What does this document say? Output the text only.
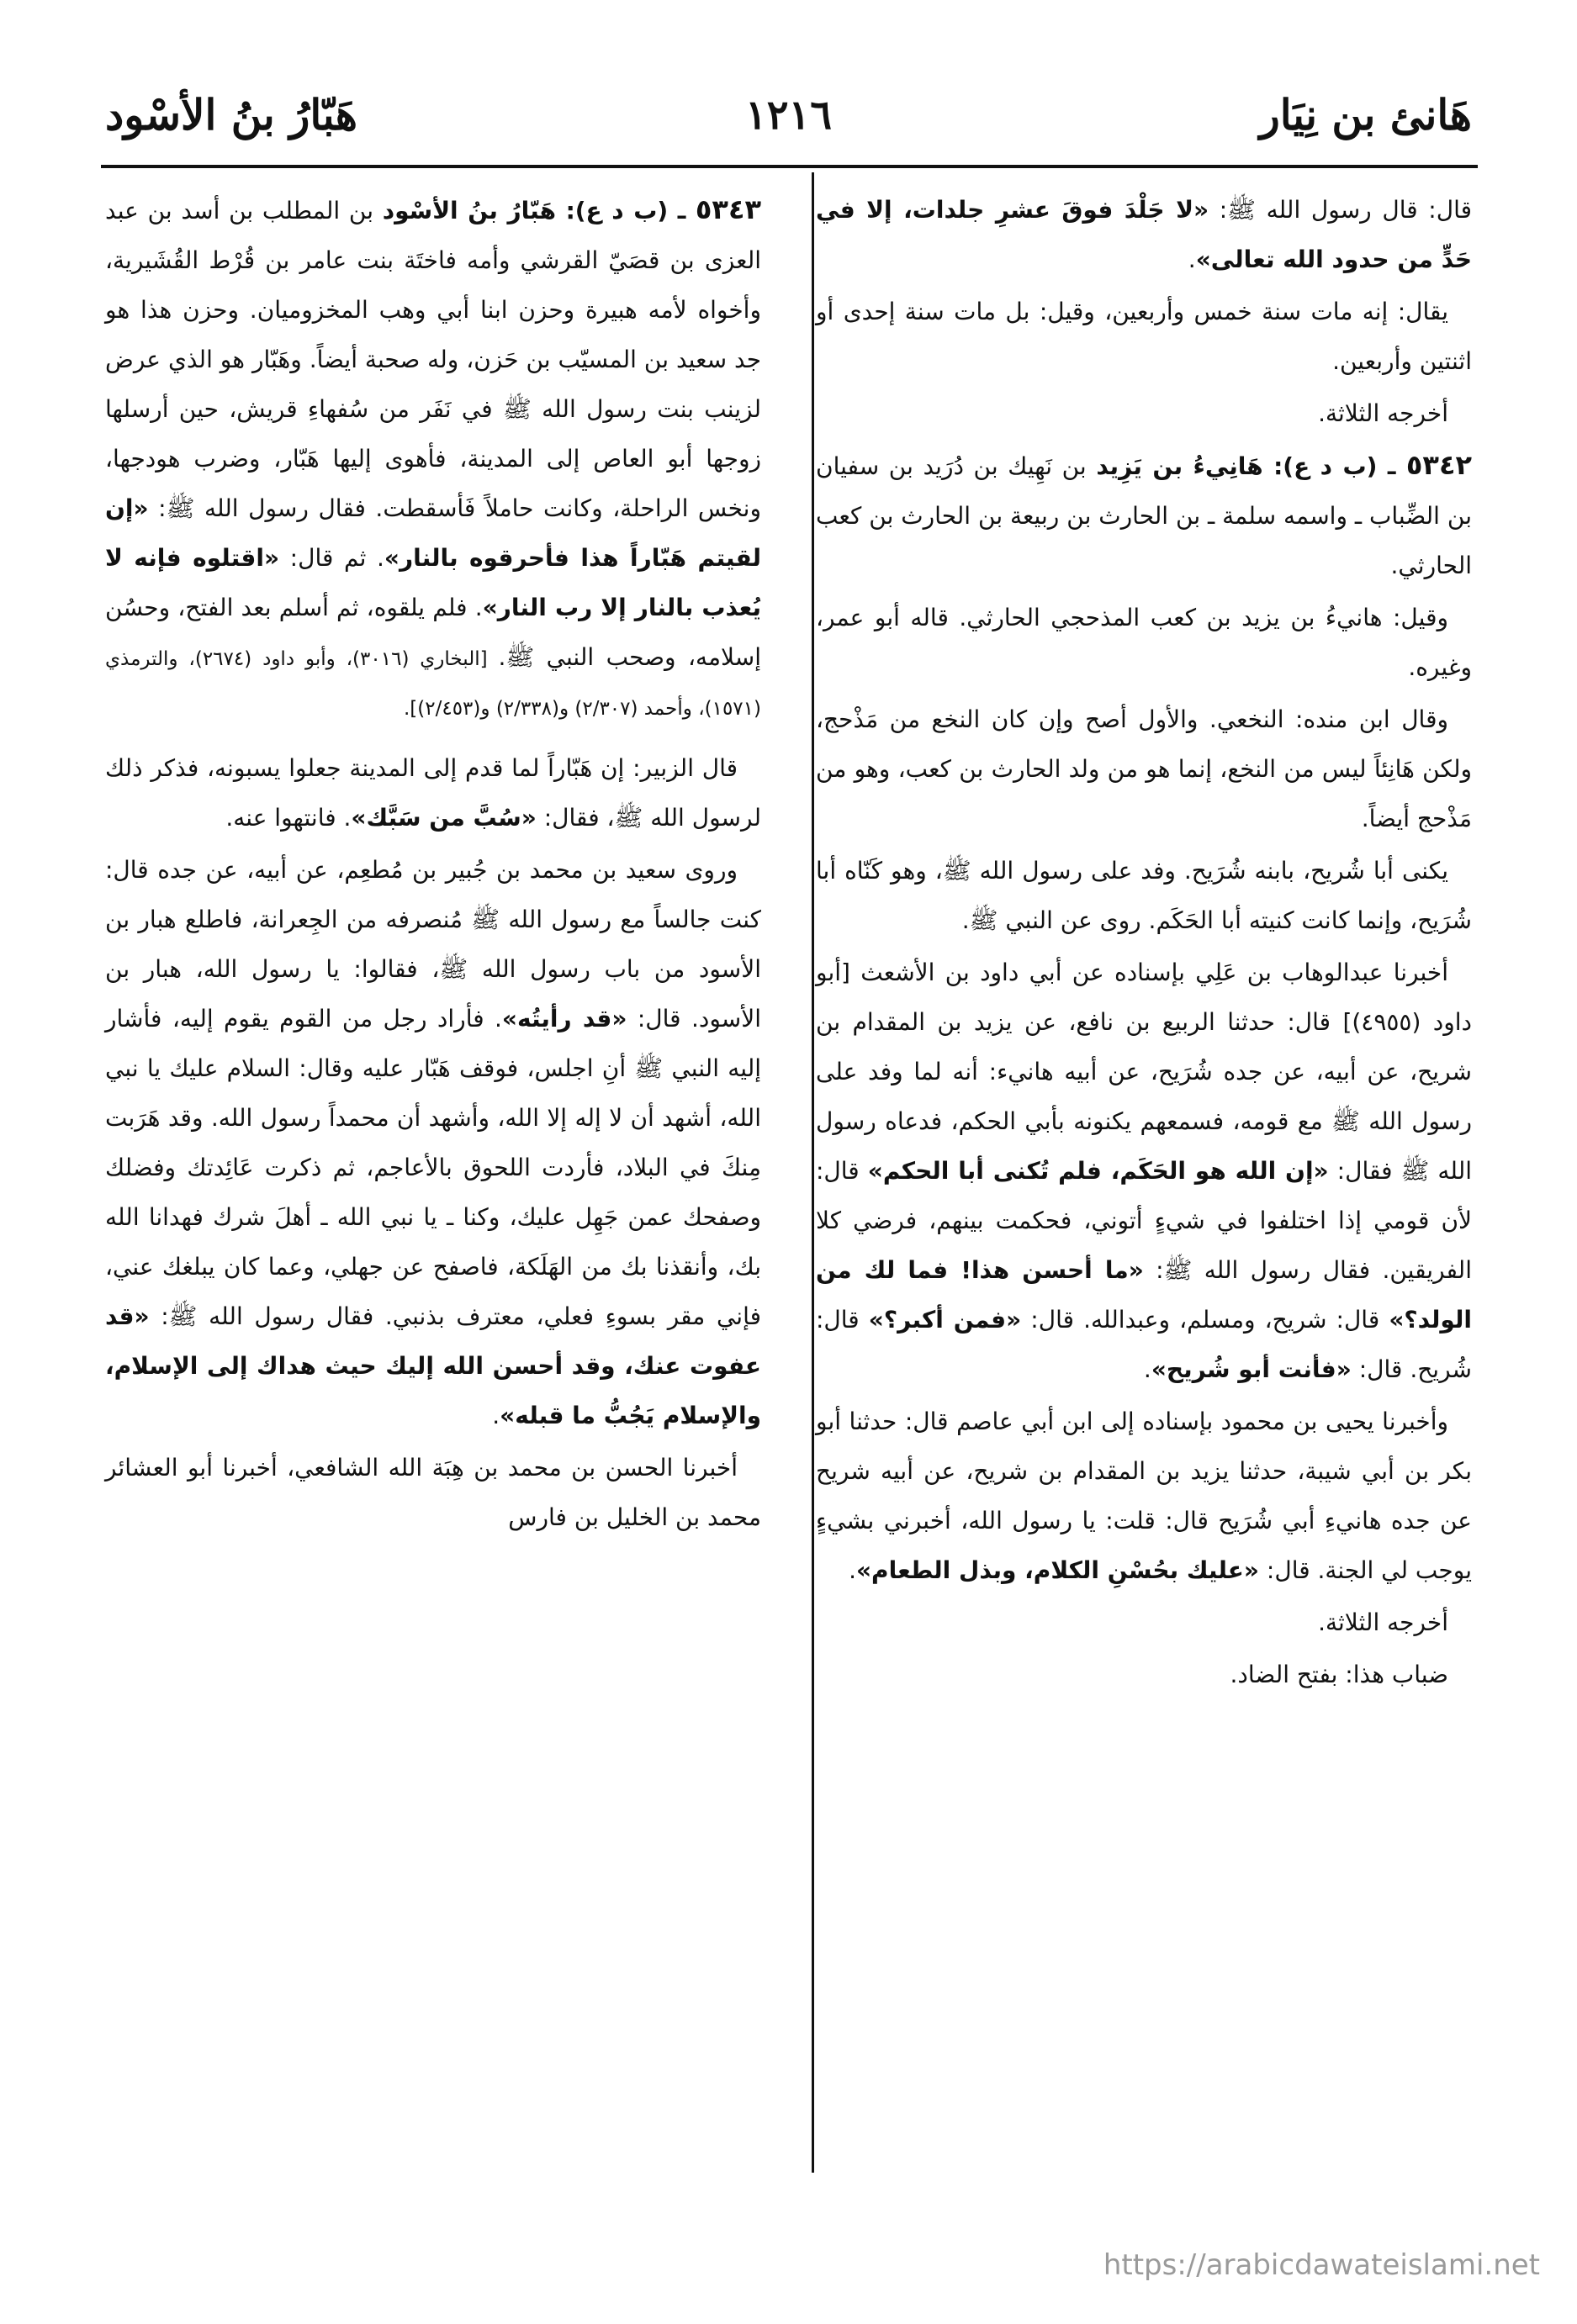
هَانئ بن نِيَار
١٢١٦
هَبّارُ بنُ الأسْود

قال: قال رسول الله ﷺ: «لا جَلْدَ فوقَ عشرِ جلدات، إلا في حَدٍّ من حدود الله تعالى».

يقال: إنه مات سنة خمس وأربعين، وقيل: بل مات سنة إحدى أو اثنتين وأربعين.

أخرجه الثلاثة.

٥٣٤٢ ـ (ب د ع): هَانِيءُ بن يَزِيد بن نَهِيك بن دُرَيد بن سفيان بن الضِّباب ـ واسمه سلمة ـ بن الحارث بن ربيعة بن الحارث بن كعب الحارثي.

وقيل: هانيءُ بن يزيد بن كعب المذحجي الحارثي. قاله أبو عمر، وغيره.

وقال ابن منده: النخعي. والأول أصح وإن كان النخع من مَذْحج، ولكن هَانِئاً ليس من النخع، إنما هو من ولد الحارث بن كعب، وهو من مَذْحج أيضاً.

يكنى أبا شُريح، بابنه شُرَيح. وفد على رسول الله ﷺ، وهو كَنّاه أبا شُرَيح، وإنما كانت كنيته أبا الحَكَم. روى عن النبي ﷺ.

أخبرنا عبدالوهاب بن عَلِي بإسناده عن أبي داود بن الأشعث [أبو داود (٤٩٥٥)] قال: حدثنا الربيع بن نافع، عن يزيد بن المقدام بن شريح، عن أبيه، عن جده شُرَيح، عن أبيه هانيء: أنه لما وفد على رسول الله ﷺ مع قومه، فسمعهم يكنونه بأبي الحكم، فدعاه رسول الله ﷺ فقال: «إن الله هو الحَكَم، فلم تُكنى أبا الحكم» قال: لأن قومي إذا اختلفوا في شيءٍ أتوني، فحكمت بينهم، فرضي كلا الفريقين. فقال رسول الله ﷺ: «ما أحسن هذا! فما لك من الولد؟» قال: شريح، ومسلم، وعبدالله. قال: «فمن أكبر؟» قال: شُريح. قال: «فأنت أبو شُريح».

وأخبرنا يحيى بن محمود بإسناده إلى ابن أبي عاصم قال: حدثنا أبو بكر بن أبي شيبة، حدثنا يزيد بن المقدام بن شريح، عن أبيه شريح عن جده هانيءِ أبي شُرَيح قال: قلت: يا رسول الله، أخبرني بشيءٍ يوجب لي الجنة. قال: «عليك بحُسْنِ الكلام، وبذل الطعام».

أخرجه الثلاثة.

ضباب هذا: بفتح الضاد.

٥٣٤٣ ـ (ب د ع): هَبّارُ بنُ الأسْود بن المطلب بن أسد بن عبد العزى بن قصَيّ القرشي وأمه فاختَة بنت عامر بن قُرْط القُشَيرية، وأخواه لأمه هبيرة وحزن ابنا أبي وهب المخزوميان. وحزن هذا هو جد سعيد بن المسيّب بن حَزن، وله صحبة أيضاً. وهَبّار هو الذي عرض لزينب بنت رسول الله ﷺ في نَفَر من سُفهاءِ قريش، حين أرسلها زوجها أبو العاص إلى المدينة، فأهوى إليها هَبّار، وضرب هودجها، ونخس الراحلة، وكانت حاملاً فَأسقطت. فقال رسول الله ﷺ: «إن لقيتم هَبّاراً هذا فأحرقوه بالنار». ثم قال: «اقتلوه فإنه لا يُعذب بالنار إلا رب النار». فلم يلقوه، ثم أسلم بعد الفتح، وحسُن إسلامه، وصحب النبي ﷺ. [البخاري (٣٠١٦)، وأبو داود (٢٦٧٤)، والترمذي (١٥٧١)، وأحمد (٢/٣٠٧) و(٢/٣٣٨) و(٢/٤٥٣)].

قال الزبير: إن هَبّاراً لما قدم إلى المدينة جعلوا يسبونه، فذكر ذلك لرسول الله ﷺ، فقال: «سُبَّ من سَبَّك». فانتهوا عنه.

وروى سعيد بن محمد بن جُبير بن مُطعِم، عن أبيه، عن جده قال: كنت جالساً مع رسول الله ﷺ مُنصرفه من الجِعرانة، فاطلع هبار بن الأسود من باب رسول الله ﷺ، فقالوا: يا رسول الله، هبار بن الأسود. قال: «قد رأيتُه». فأراد رجل من القوم يقوم إليه، فأشار إليه النبي ﷺ أنِ اجلس، فوقف هَبّار عليه وقال: السلام عليك يا نبي الله، أشهد أن لا إله إلا الله، وأشهد أن محمداً رسول الله. وقد هَرَبت مِنكَ في البلاد، فأردت اللحوق بالأعاجم، ثم ذكرت عَائِدتك وفضلك وصفحك عمن جَهِل عليك، وكنا ـ يا نبي الله ـ أهلَ شرك فهدانا الله بك، وأنقذنا بك من الهَلَكة، فاصفح عن جهلي، وعما كان يبلغك عني، فإني مقر بسوءِ فعلي، معترف بذنبي. فقال رسول الله ﷺ: «قد عفوت عنك، وقد أحسن الله إليك حيث هداك إلى الإسلام، والإسلام يَجُبُّ ما قبله».

أخبرنا الحسن بن محمد بن هِبَة الله الشافعي، أخبرنا أبو العشائر محمد بن الخليل بن فارس

https://arabicdawateislami.net
